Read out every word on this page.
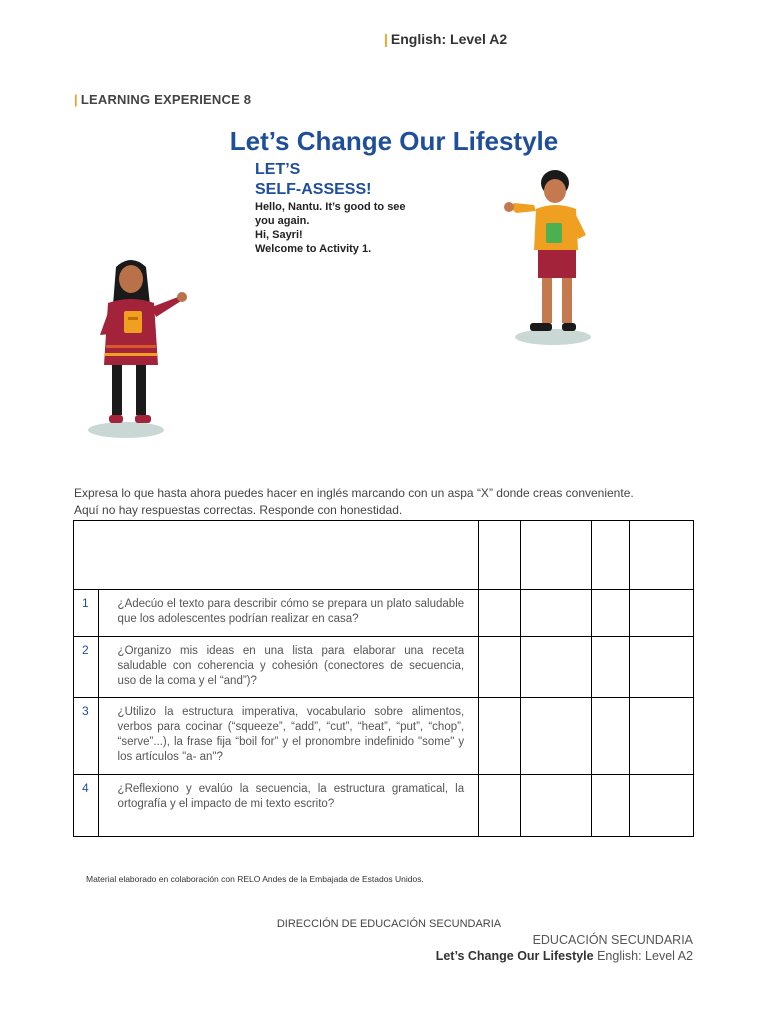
| English: Level A2
| LEARNING EXPERIENCE 8
Let’s Change Our Lifestyle
LET’S
SELF-ASSESS!
Hello, Nantu. It’s good to see
you again.
Hi, Sayri!
Welcome to Activity 1.
Expresa lo que hasta ahora puedes hacer en inglés marcando con un aspa “X” donde creas conveniente.
Aquí no hay respuestas correctas. Responde con honestidad.

1	¿Adecúo el texto para describir cómo se prepara un plato saludable que los adolescentes podrían realizar en casa?				
2	¿Organizo mis ideas en una lista para elaborar una receta saludable con coherencia y cohesión (conectores de secuencia, uso de la coma y el “and”)?				
3	¿Utilizo la estructura imperativa, vocabulario sobre alimentos, verbos para cocinar (“squeeze”, “add”, “cut”, “heat”, “put”, “chop”, “serve”...), la frase fija “boil for” y el pronombre indefinido "some" y los artículos "a- an"?				
4	¿Reflexiono y evalúo la secuencia, la estructura gramatical, la ortografía y el impacto de mi texto escrito?				
Material elaborado en colaboración con RELO Andes de la Embajada de Estados Unidos.
DIRECCIÓN DE EDUCACIÓN SECUNDARIA
EDUCACIÓN SECUNDARIA
Let’s Change Our Lifestyle English: Level A2
